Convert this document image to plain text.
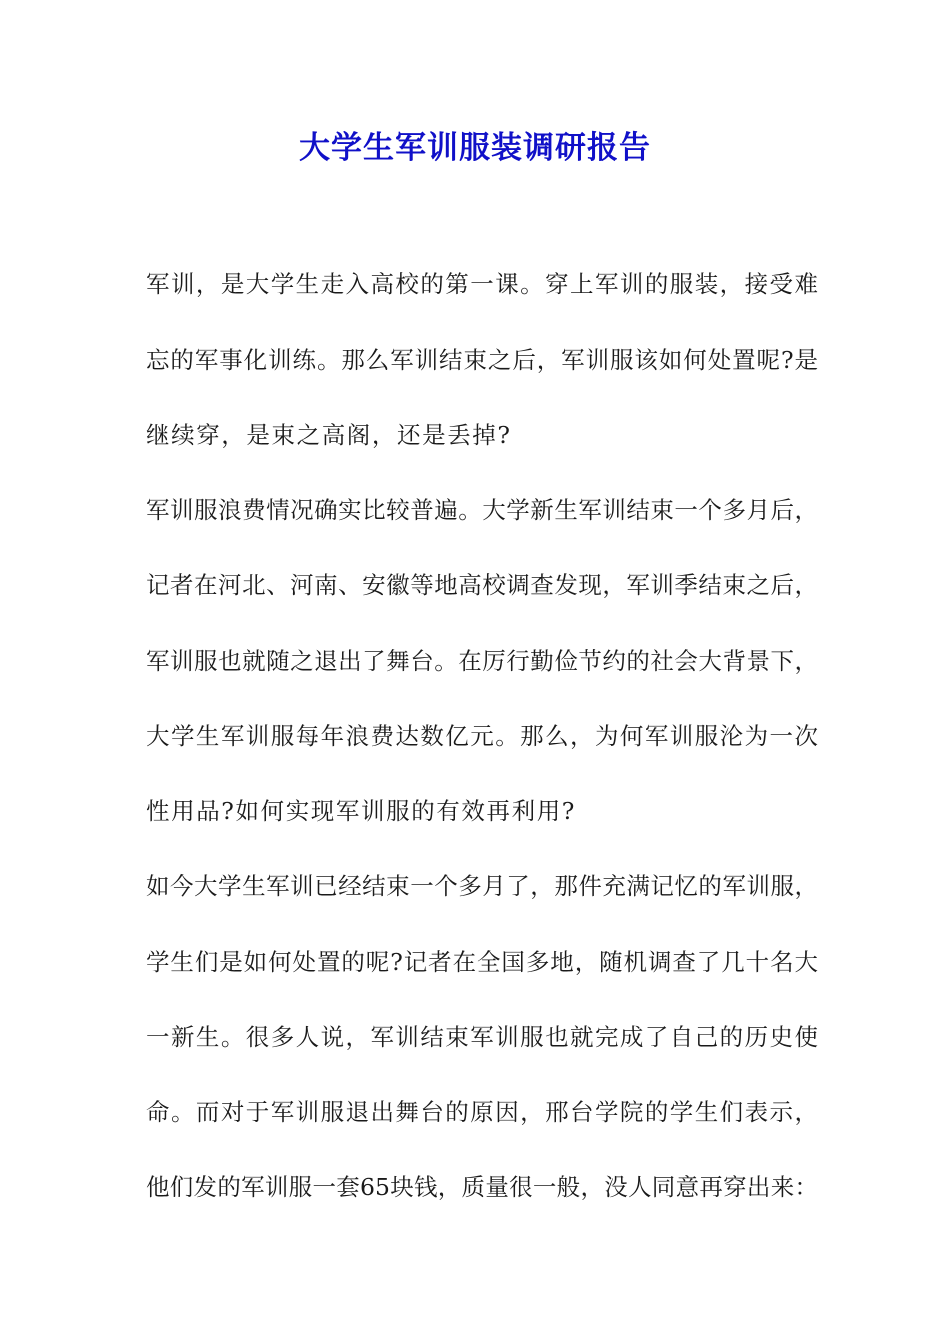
大学生军训服装调研报告
军训，是大学生走入高校的第一课。穿上军训的服装，接受难
忘的军事化训练。那么军训结束之后，军训服该如何处置呢?是
继续穿，是束之高阁，还是丢掉?
军训服浪费情况确实比较普遍。大学新生军训结束一个多月后，
记者在河北、河南、安徽等地高校调查发现，军训季结束之后，
军训服也就随之退出了舞台。在厉行勤俭节约的社会大背景下，
大学生军训服每年浪费达数亿元。那么，为何军训服沦为一次
性用品?如何实现军训服的有效再利用?
如今大学生军训已经结束一个多月了，那件充满记忆的军训服，
学生们是如何处置的呢?记者在全国多地，随机调查了几十名大
一新生。很多人说，军训结束军训服也就完成了自己的历史使
命。而对于军训服退出舞台的原因，邢台学院的学生们表示，
他们发的军训服一套65块钱，质量很一般，没人同意再穿出来：
